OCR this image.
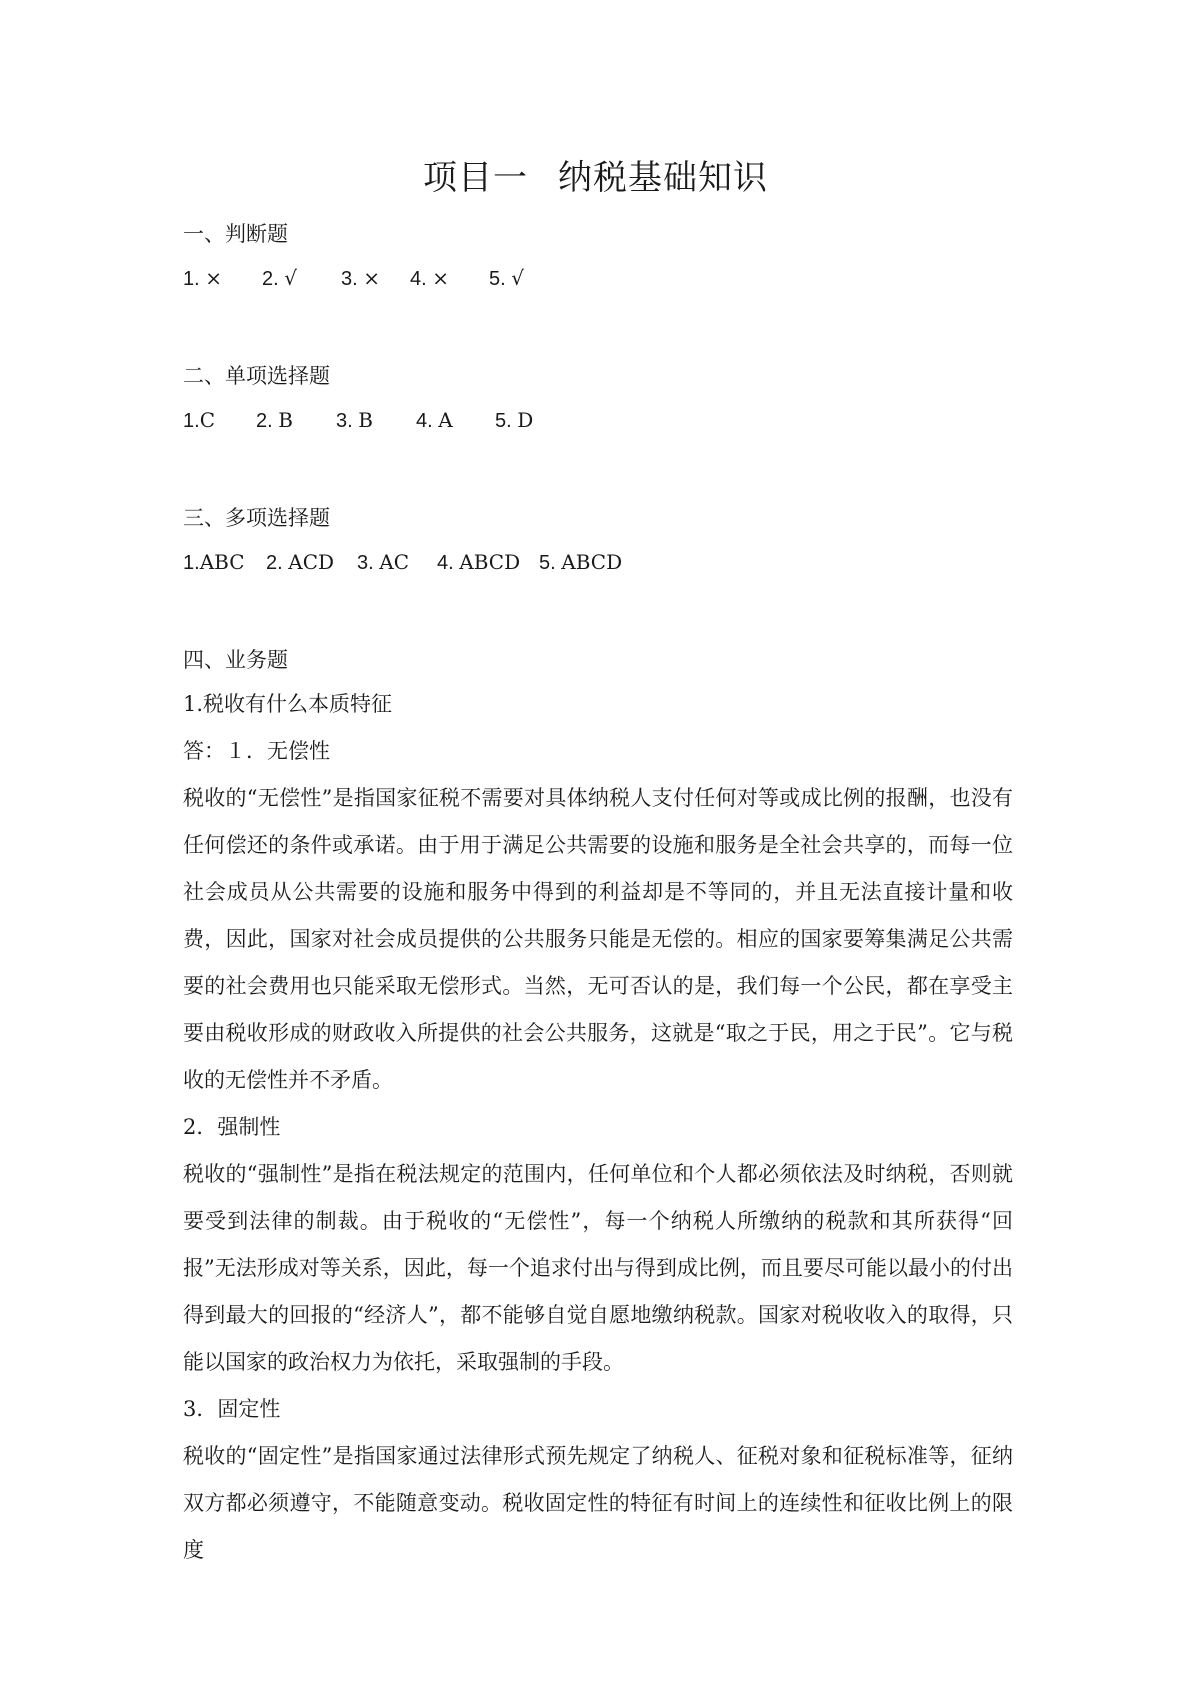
项目一 纳税基础知识
一、判断题
1. ×	2. √	3. ×	4. ×	5. √
二、单项选择题
1.C	2. B	3. B	4. A	5. D
三、多项选择题
1.ABC	2. ACD	3. AC	4. ABCD 5. ABCD
四、业务题
1.税收有什么本质特征
答：１．无偿性
税收的“无偿性”是指国家征税不需要对具体纳税人支付任何对等或成比例的报酬，也没有任何偿还的条件或承诺。由于用于满足公共需要的设施和服务是全社会共享的，而每一位社会成员从公共需要的设施和服务中得到的利益却是不等同的，并且无法直接计量和收费，因此，国家对社会成员提供的公共服务只能是无偿的。相应的国家要筹集满足公共需要的社会费用也只能采取无偿形式。当然，无可否认的是，我们每一个公民，都在享受主要由税收形成的财政收入所提供的社会公共服务，这就是“取之于民，用之于民”。它与税收的无偿性并不矛盾。
2．强制性
税收的“强制性”是指在税法规定的范围内，任何单位和个人都必须依法及时纳税，否则就要受到法律的制裁。由于税收的“无偿性”，每一个纳税人所缴纳的税款和其所获得“回报”无法形成对等关系，因此，每一个追求付出与得到成比例，而且要尽可能以最小的付出得到最大的回报的“经济人”，都不能够自觉自愿地缴纳税款。国家对税收收入的取得，只能以国家的政治权力为依托，采取强制的手段。
3．固定性
税收的“固定性”是指国家通过法律形式预先规定了纳税人、征税对象和征税标准等，征纳双方都必须遵守，不能随意变动。税收固定性的特征有时间上的连续性和征收比例上的限度
